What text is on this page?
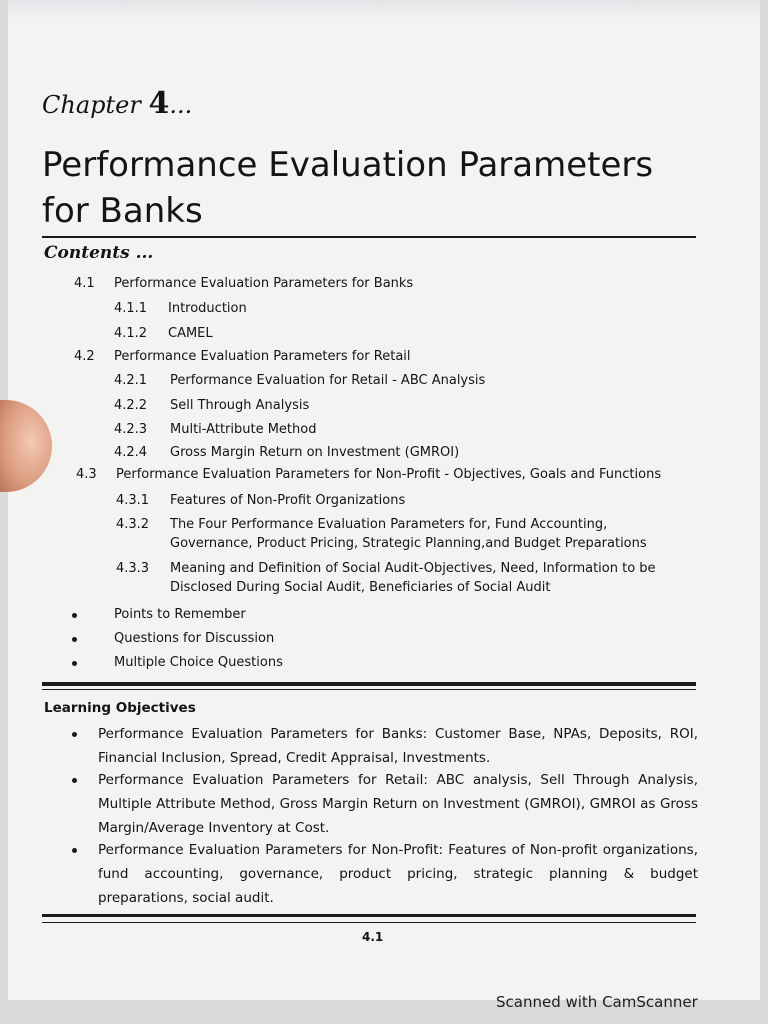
Chapter 4...
Performance Evaluation Parameters
for Banks
Contents ...
4.1 Performance Evaluation Parameters for Banks
4.1.1 Introduction
4.1.2 CAMEL
4.2 Performance Evaluation Parameters for Retail
4.2.1 Performance Evaluation for Retail - ABC Analysis
4.2.2 Sell Through Analysis
4.2.3 Multi-Attribute Method
4.2.4 Gross Margin Return on Investment (GMROI)
4.3 Performance Evaluation Parameters for Non-Profit - Objectives, Goals and Functions
4.3.1 Features of Non-Profit Organizations
4.3.2 The Four Performance Evaluation Parameters for, Fund Accounting,
Governance, Product Pricing, Strategic Planning,and Budget Preparations
4.3.3 Meaning and Definition of Social Audit-Objectives, Need, Information to be
Disclosed During Social Audit, Beneficiaries of Social Audit
Points to Remember
Questions for Discussion
Multiple Choice Questions
Learning Objectives
Performance Evaluation Parameters for Banks: Customer Base, NPAs, Deposits, ROI, Financial Inclusion, Spread, Credit Appraisal, Investments.
Performance Evaluation Parameters for Retail: ABC analysis, Sell Through Analysis, Multiple Attribute Method, Gross Margin Return on Investment (GMROI), GMROI as Gross Margin/Average Inventory at Cost.
Performance Evaluation Parameters for Non-Profit: Features of Non-profit organizations, fund accounting, governance, product pricing, strategic planning & budget preparations, social audit.
4.1
Scanned with CamScanner
